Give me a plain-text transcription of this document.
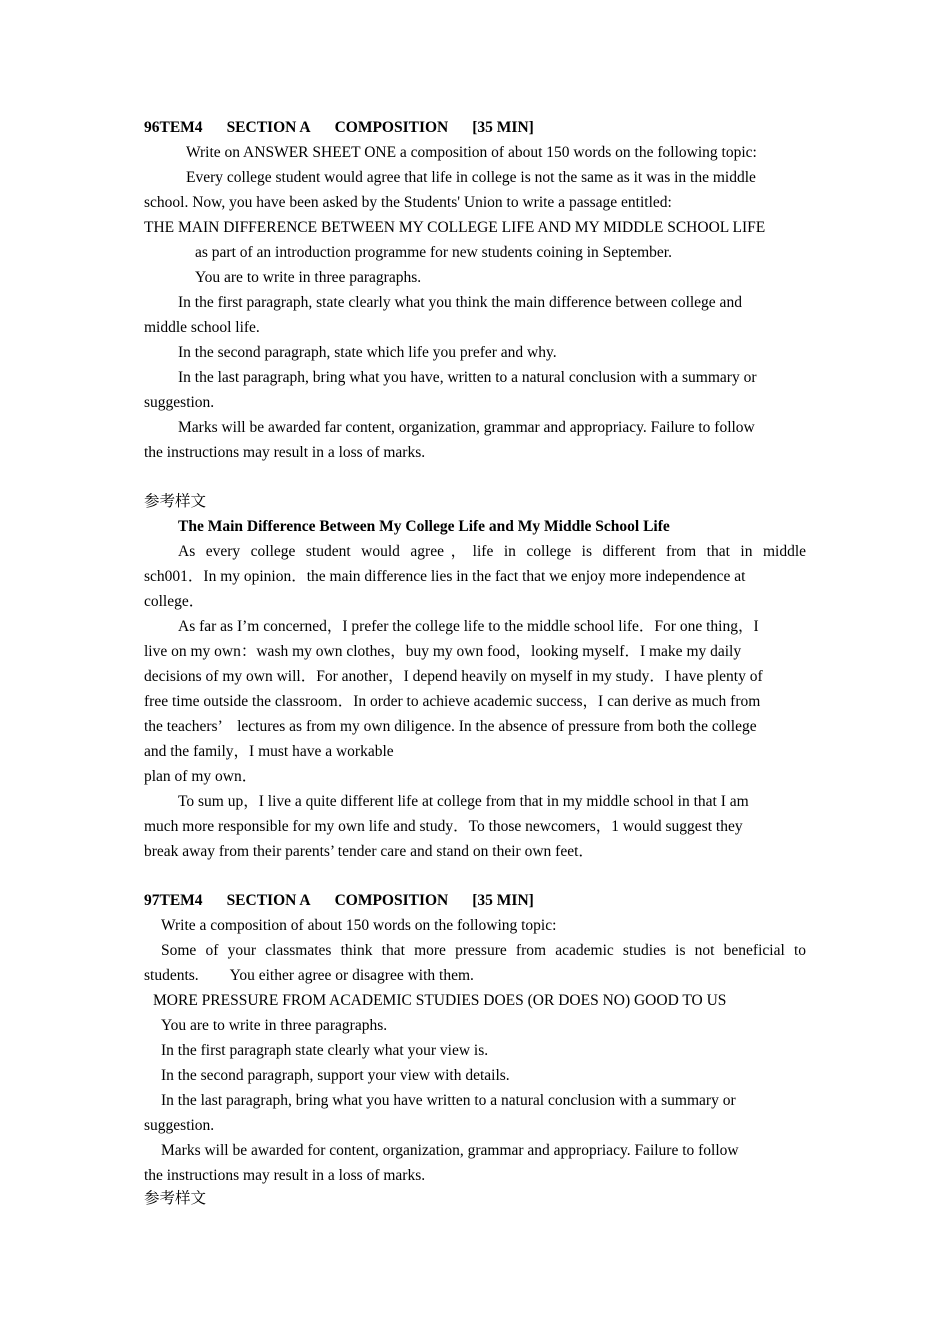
96TEM4 SECTION A COMPOSITION [35 MIN]
Write on ANSWER SHEET ONE a composition of about 150 words on the following topic:
Every college student would agree that life in college is not the same as it was in the middle
school. Now, you have been asked by the Students' Union to write a passage entitled:
THE MAIN DIFFERENCE BETWEEN MY COLLEGE LIFE AND MY MIDDLE SCHOOL LIFE
as part of an introduction programme for new students coining in September.
You are to write in three paragraphs.
In the first paragraph, state clearly what you think the main difference between college and
middle school life.
In the second paragraph, state which life you prefer and why.
In the last paragraph, bring what you have, written to a natural conclusion with a summary or
suggestion.
Marks will be awarded far content, organization, grammar and appropriacy. Failure to follow
the instructions may result in a loss of marks.
参考样文
The Main Difference Between My College Life and My Middle School Life
As every college student would agree，life in college is different from that in middle
sch001．In my opinion．the main difference lies in the fact that we enjoy more independence at
college．
As far as I’m concerned，I prefer the college life to the middle school life．For one thing，I
live on my own：wash my own clothes，buy my own food，looking myself．I make my daily
decisions of my own will．For another，I depend heavily on myself in my study．I have plenty of
free time outside the classroom．In order to achieve academic success，I can derive as much from
the teachers’　lectures as from my own diligence. In the absence of pressure from both the college
and the family，I must have a workable
plan of my own．
To sum up，I live a quite different life at college from that in my middle school in that I am
much more responsible for my own life and study．To those newcomers，1 would suggest they
break away from their parents’ tender care and stand on their own feet．
97TEM4 SECTION A COMPOSITION [35 MIN]
Write a composition of about 150 words on the following topic:
Some of your classmates think that more pressure from academic studies is not beneficial to
students.　　You either agree or disagree with them.
MORE PRESSURE FROM ACADEMIC STUDIES DOES (OR DOES NO) GOOD TO US
You are to write in three paragraphs.
In the first paragraph state clearly what your view is.
In the second paragraph, support your view with details.
In the last paragraph, bring what you have written to a natural conclusion with a summary or
suggestion.
Marks will be awarded for content, organization, grammar and appropriacy. Failure to follow
the instructions may result in a loss of marks.
参考样文
